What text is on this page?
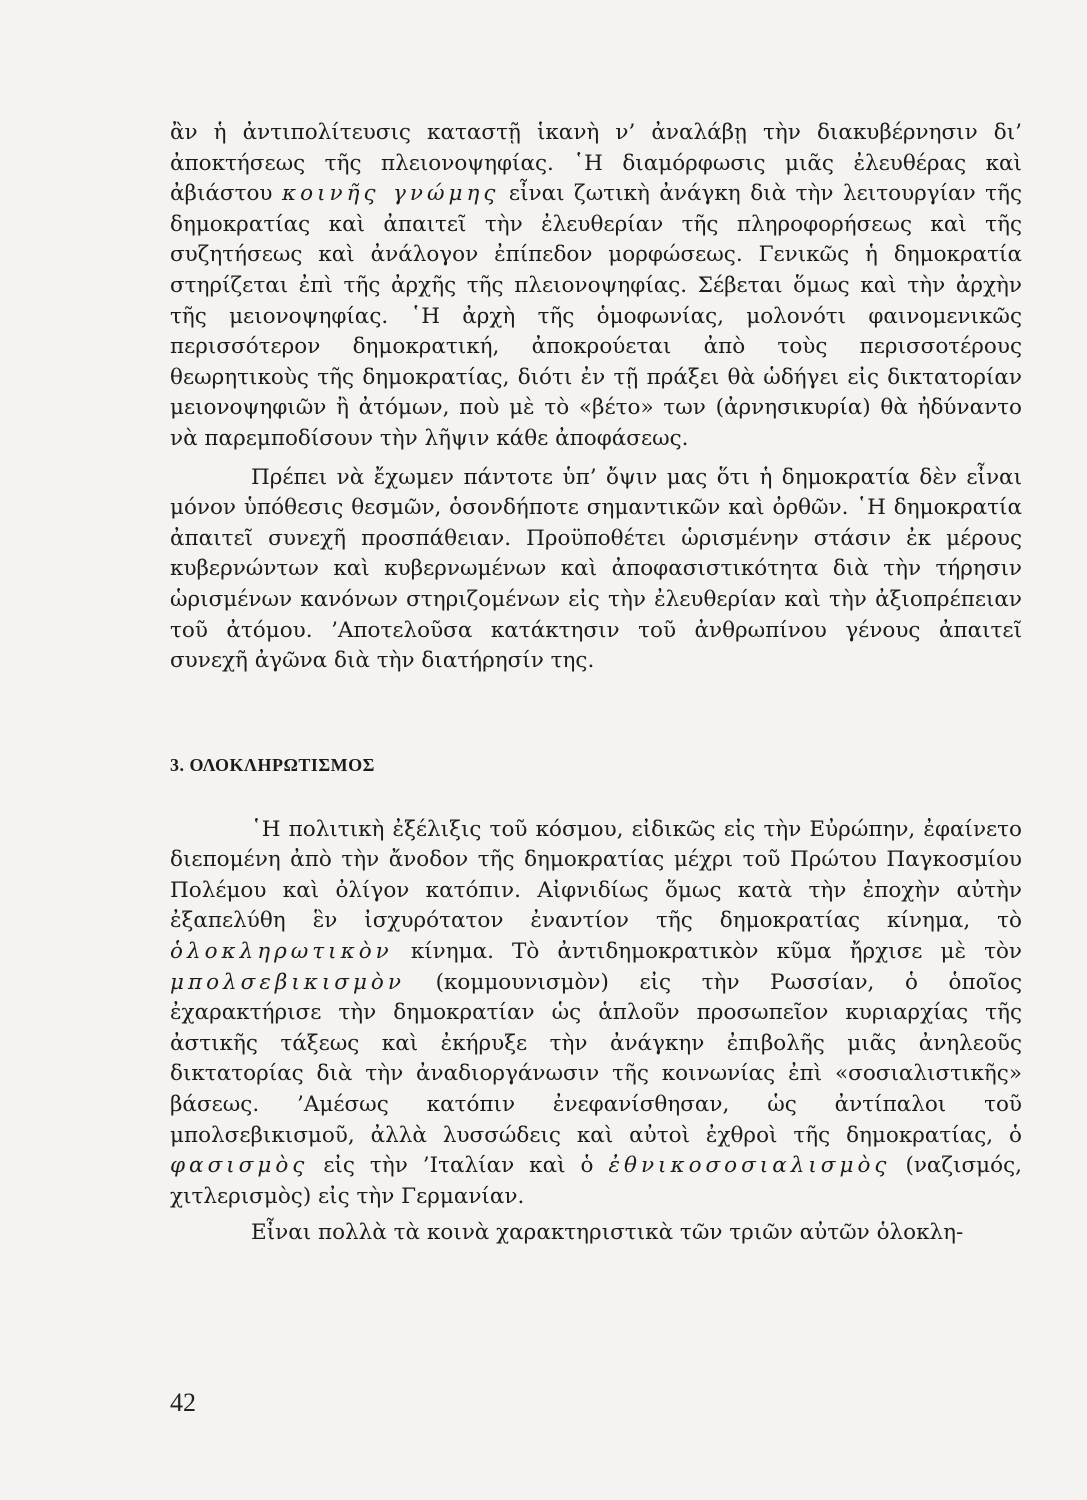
ἂν ἡ ἀντιπολίτευσις καταστῇ ἱκανὴ ν’ ἀναλάβῃ τὴν διακυβέρνησιν δι’ ἀποκτήσεως τῆς πλειονοψηφίας. ῾Η διαμόρφωσις μιᾶς ἐλευθέρας καὶ ἀβιάστου κοινῆς γνώμης εἶναι ζωτικὴ ἀνάγκη διὰ τὴν λειτουργίαν τῆς δημοκρατίας καὶ ἀπαιτεῖ τὴν ἐλευθερίαν τῆς πληροφορήσεως καὶ τῆς συζητήσεως καὶ ἀνάλογον ἐπίπεδον μορφώσεως. Γενικῶς ἡ δημοκρατία στηρίζεται ἐπὶ τῆς ἀρχῆς τῆς πλειονοψηφίας. Σέβεται ὅμως καὶ τὴν ἀρχὴν τῆς μειονοψηφίας. ῾Η ἀρχὴ τῆς ὁμοφωνίας, μολονότι φαινομενικῶς περισσότερον δημοκρατική, ἀποκρούεται ἀπὸ τοὺς περισσοτέρους θεωρητικοὺς τῆς δημοκρατίας, διότι ἐν τῇ πράξει θὰ ὡδήγει εἰς δικτατορίαν μειονοψηφιῶν ἢ ἀτόμων, ποὺ μὲ τὸ «βέτο» των (ἀρνησικυρία) θὰ ἠδύναντο νὰ παρεμποδίσουν τὴν λῆψιν κάθε ἀποφάσεως.

Πρέπει νὰ ἔχωμεν πάντοτε ὑπ’ ὄψιν μας ὅτι ἡ δημοκρατία δὲν εἶναι μόνον ὑπόθεσις θεσμῶν, ὁσονδήποτε σημαντικῶν καὶ ὀρθῶν. ῾Η δημοκρατία ἀπαιτεῖ συνεχῆ προσπάθειαν. Προϋποθέτει ὡρισμένην στάσιν ἐκ μέρους κυβερνώντων καὶ κυβερνωμένων καὶ ἀποφασιστικότητα διὰ τὴν τήρησιν ὡρισμένων κανόνων στηριζομένων εἰς τὴν ἐλευθερίαν καὶ τὴν ἀξιοπρέπειαν τοῦ ἀτόμου. ’Αποτελοῦσα κατάκτησιν τοῦ ἀνθρωπίνου γένους ἀπαιτεῖ συνεχῆ ἀγῶνα διὰ τὴν διατήρησίν της.

3. ΟΛΟΚΛΗΡΩΤΙΣΜΟΣ

῾Η πολιτικὴ ἐξέλιξις τοῦ κόσμου, εἰδικῶς εἰς τὴν Εὐρώπην, ἐφαίνετο διεπομένη ἀπὸ τὴν ἄνοδον τῆς δημοκρατίας μέχρι τοῦ Πρώτου Παγκοσμίου Πολέμου καὶ ὀλίγον κατόπιν. Αἰφνιδίως ὅμως κατὰ τὴν ἐποχὴν αὐτὴν ἐξαπελύθη ἓν ἰσχυρότατον ἐναντίον τῆς δημοκρατίας κίνημα, τὸ ὁλοκληρωτικὸν κίνημα. Τὸ ἀντιδημοκρατικὸν κῦμα ἤρχισε μὲ τὸν μπολσεβικισμὸν (κομμουνισμὸν) εἰς τὴν Ρωσσίαν, ὁ ὁποῖος ἐχαρακτήρισε τὴν δημοκρατίαν ὡς ἁπλοῦν προσωπεῖον κυριαρχίας τῆς ἀστικῆς τάξεως καὶ ἐκήρυξε τὴν ἀνάγκην ἐπιβολῆς μιᾶς ἀνηλεοῦς δικτατορίας διὰ τὴν ἀναδιοργάνωσιν τῆς κοινωνίας ἐπὶ «σοσιαλιστικῆς» βάσεως. ’Αμέσως κατόπιν ἐνεφανίσθησαν, ὡς ἀντίπαλοι τοῦ μπολσεβικισμοῦ, ἀλλὰ λυσσώδεις καὶ αὐτοὶ ἐχθροὶ τῆς δημοκρατίας, ὁ φασισμὸς εἰς τὴν ’Ιταλίαν καὶ ὁ ἐθνικοσοσιαλισμὸς (ναζισμός, χιτλερισμὸς) εἰς τὴν Γερμανίαν.

Εἶναι πολλὰ τὰ κοινὰ χαρακτηριστικὰ τῶν τριῶν αὐτῶν ὁλοκλη-

42
